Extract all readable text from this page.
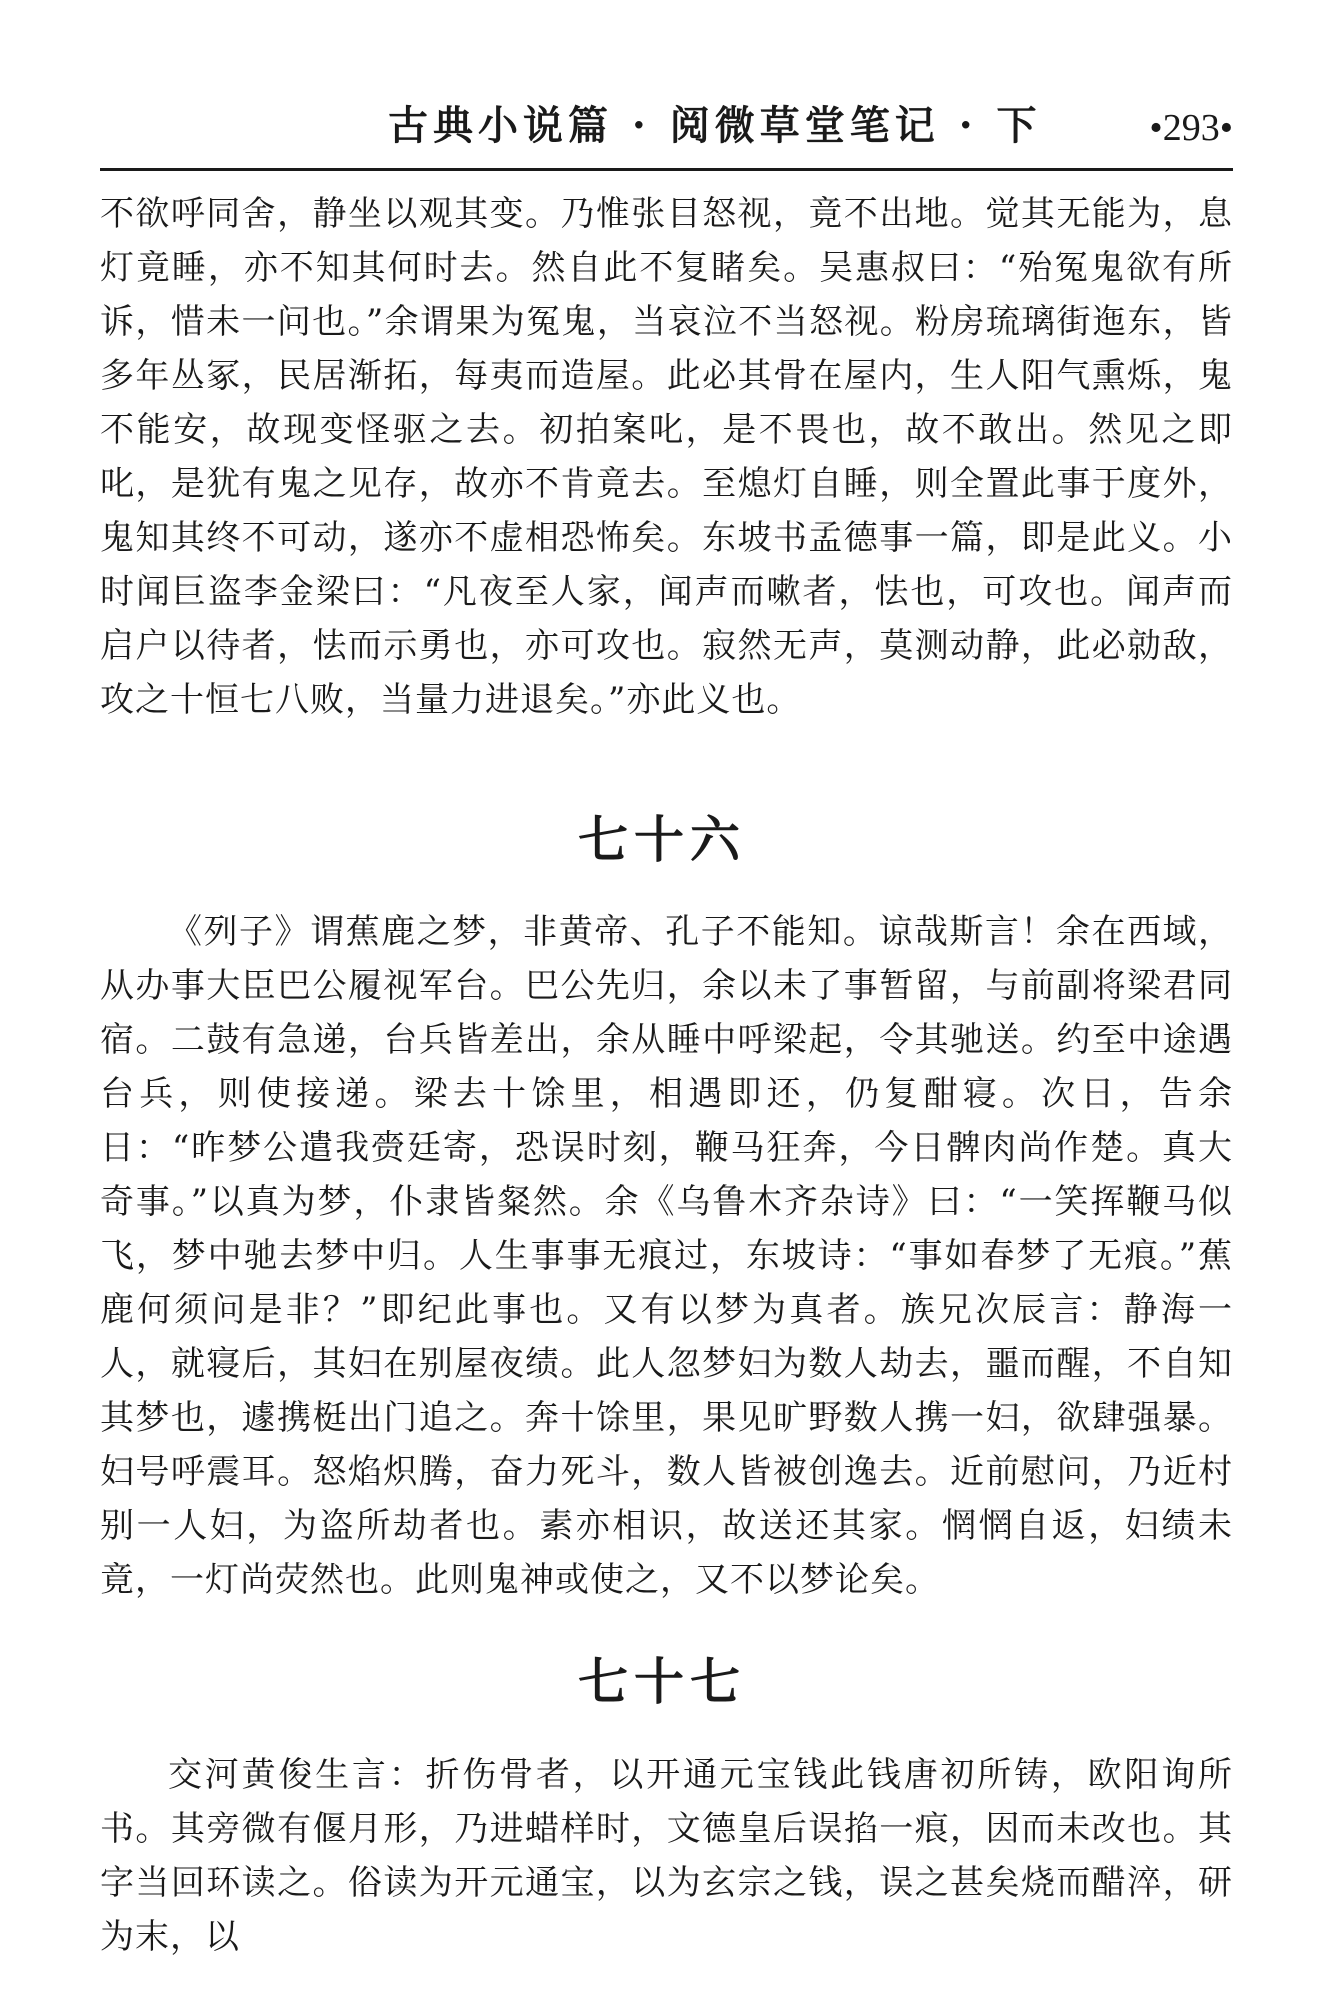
古典小说篇 · 阅微草堂笔记 · 下	•293•
不欲呼同舍，静坐以观其变。乃惟张目怒视，竟不出地。觉其无能为，息灯竟睡，亦不知其何时去。然自此不复睹矣。吴惠叔曰：“殆冤鬼欲有所诉，惜未一问也。”余谓果为冤鬼，当哀泣不当怒视。粉房琉璃街迤东，皆多年丛冢，民居渐拓，每夷而造屋。此必其骨在屋内，生人阳气熏烁，鬼不能安，故现变怪驱之去。初拍案叱，是不畏也，故不敢出。然见之即叱，是犹有鬼之见存，故亦不肯竟去。至熄灯自睡，则全置此事于度外，鬼知其终不可动，遂亦不虚相恐怖矣。东坡书孟德事一篇，即是此义。小时闻巨盗李金梁曰：“凡夜至人家，闻声而嗽者，怯也，可攻也。闻声而启户以待者，怯而示勇也，亦可攻也。寂然无声，莫测动静，此必勍敌，攻之十恒七八败，当量力进退矣。”亦此义也。
七十六
《列子》谓蕉鹿之梦，非黄帝、孔子不能知。谅哉斯言！余在西域，从办事大臣巴公履视军台。巴公先归，余以未了事暂留，与前副将梁君同宿。二鼓有急递，台兵皆差出，余从睡中呼梁起，令其驰送。约至中途遇台兵，则使接递。梁去十馀里，相遇即还，仍复酣寝。次日，告余日：“昨梦公遣我赍廷寄，恐误时刻，鞭马狂奔，今日髀肉尚作楚。真大奇事。”以真为梦，仆隶皆粲然。余《乌鲁木齐杂诗》曰：“一笑挥鞭马似飞，梦中驰去梦中归。人生事事无痕过，东坡诗：“事如春梦了无痕。”蕉鹿何须问是非？”即纪此事也。又有以梦为真者。族兄次辰言：静海一人，就寝后，其妇在别屋夜绩。此人忽梦妇为数人劫去，噩而醒，不自知其梦也，遽携梃出门追之。奔十馀里，果见旷野数人携一妇，欲肆强暴。妇号呼震耳。怒焰炽腾，奋力死斗，数人皆被创逸去。近前慰问，乃近村别一人妇，为盗所劫者也。素亦相识，故送还其家。惘惘自返，妇绩未竟，一灯尚荧然也。此则鬼神或使之，又不以梦论矣。
七十七
交河黄俊生言：折伤骨者，以开通元宝钱此钱唐初所铸，欧阳询所书。其旁微有偃月形，乃进蜡样时，文德皇后误掐一痕，因而未改也。其字当回环读之。俗读为开元通宝，以为玄宗之钱，误之甚矣烧而醋淬，研为末，以
